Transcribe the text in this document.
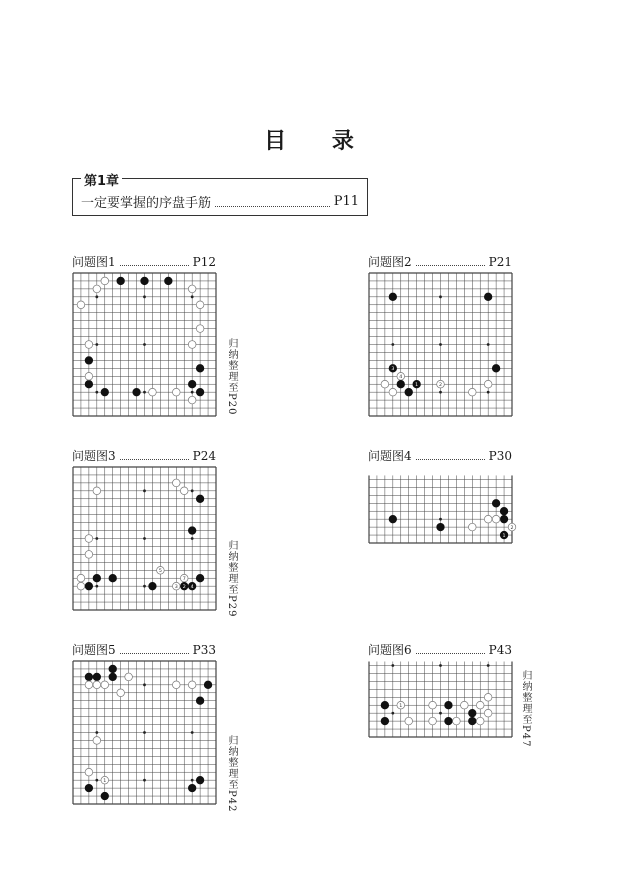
目 录
第1章
一定要掌握的序盘手筋	P11
问题图1	P12
归纳整理至P20
问题图2	P21
3
4
1	2
问题图3	P24
5
7
3 2 4	归纳整理至P29
问题图4	P30
2
1
问题图5	P33
1	归纳整理至P42
问题图6	P43
1	归纳整理至P47
